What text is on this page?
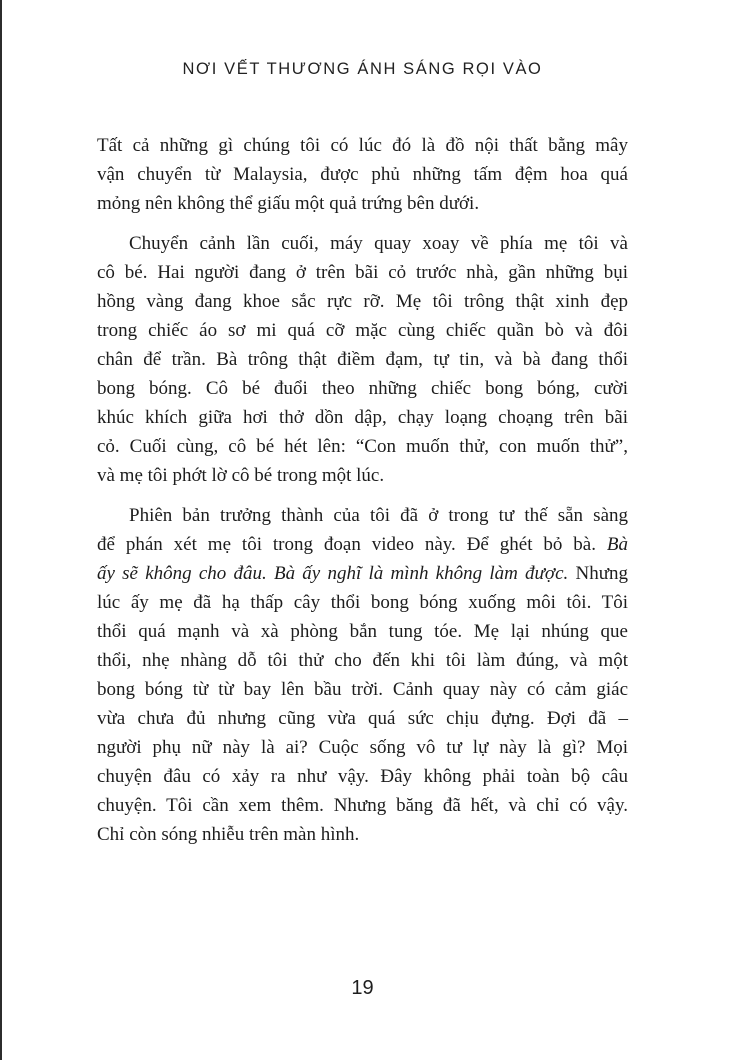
NƠI VẾT THƯƠNG ÁNH SÁNG RỌI VÀO
Tất cả những gì chúng tôi có lúc đó là đồ nội thất bằng mây
vận chuyển từ Malaysia, được phủ những tấm đệm hoa quá
mỏng nên không thể giấu một quả trứng bên dưới.
Chuyển cảnh lần cuối, máy quay xoay về phía mẹ tôi và
cô bé. Hai người đang ở trên bãi cỏ trước nhà, gần những bụi
hồng vàng đang khoe sắc rực rỡ. Mẹ tôi trông thật xinh đẹp
trong chiếc áo sơ mi quá cỡ mặc cùng chiếc quần bò và đôi
chân để trần. Bà trông thật điềm đạm, tự tin, và bà đang thổi
bong bóng. Cô bé đuổi theo những chiếc bong bóng, cười
khúc khích giữa hơi thở dồn dập, chạy loạng choạng trên bãi
cỏ. Cuối cùng, cô bé hét lên: “Con muốn thử, con muốn thử”,
và mẹ tôi phớt lờ cô bé trong một lúc.
Phiên bản trưởng thành của tôi đã ở trong tư thế sẵn sàng
để phán xét mẹ tôi trong đoạn video này. Để ghét bỏ bà. Bà
ấy sẽ không cho đâu. Bà ấy nghĩ là mình không làm được. Nhưng
lúc ấy mẹ đã hạ thấp cây thổi bong bóng xuống môi tôi. Tôi
thổi quá mạnh và xà phòng bắn tung tóe. Mẹ lại nhúng que
thổi, nhẹ nhàng dỗ tôi thử cho đến khi tôi làm đúng, và một
bong bóng từ từ bay lên bầu trời. Cảnh quay này có cảm giác
vừa chưa đủ nhưng cũng vừa quá sức chịu đựng. Đợi đã –
người phụ nữ này là ai? Cuộc sống vô tư lự này là gì? Mọi
chuyện đâu có xảy ra như vậy. Đây không phải toàn bộ câu
chuyện. Tôi cần xem thêm. Nhưng băng đã hết, và chỉ có vậy.
Chỉ còn sóng nhiễu trên màn hình.
19
